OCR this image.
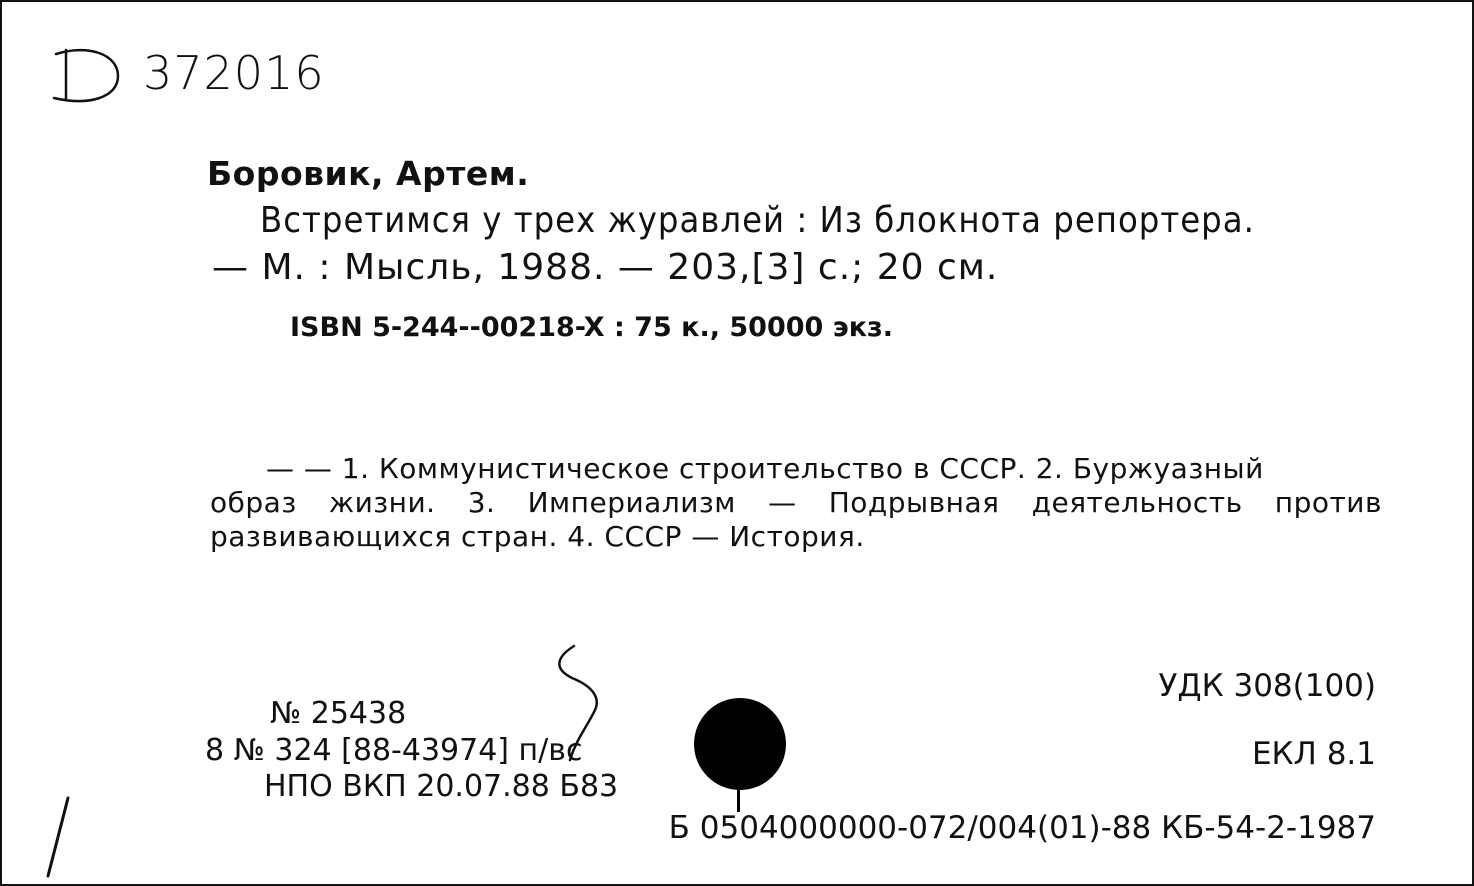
372016
Боровик, Артем.
Встретимся у трех журавлей : Из блокнота репортера.
— М. : Мысль, 1988. — 203,[3] с.; 20 см.
ISBN 5-244--00218-X : 75 к., 50000 экз.
— — 1. Коммунистическое строительство в СССР. 2. Буржуазный
образ жизни. 3. Империализм — Подрывная деятельность против развивающихся стран. 4. СССР — История.
№ 25438
8 № 324 [88-43974] п/вс
НПО ВКП 20.07.88 Б83
УДК 308(100)
ЕКЛ 8.1
Б 0504000000-072/004(01)-88 КБ-54-2-1987
